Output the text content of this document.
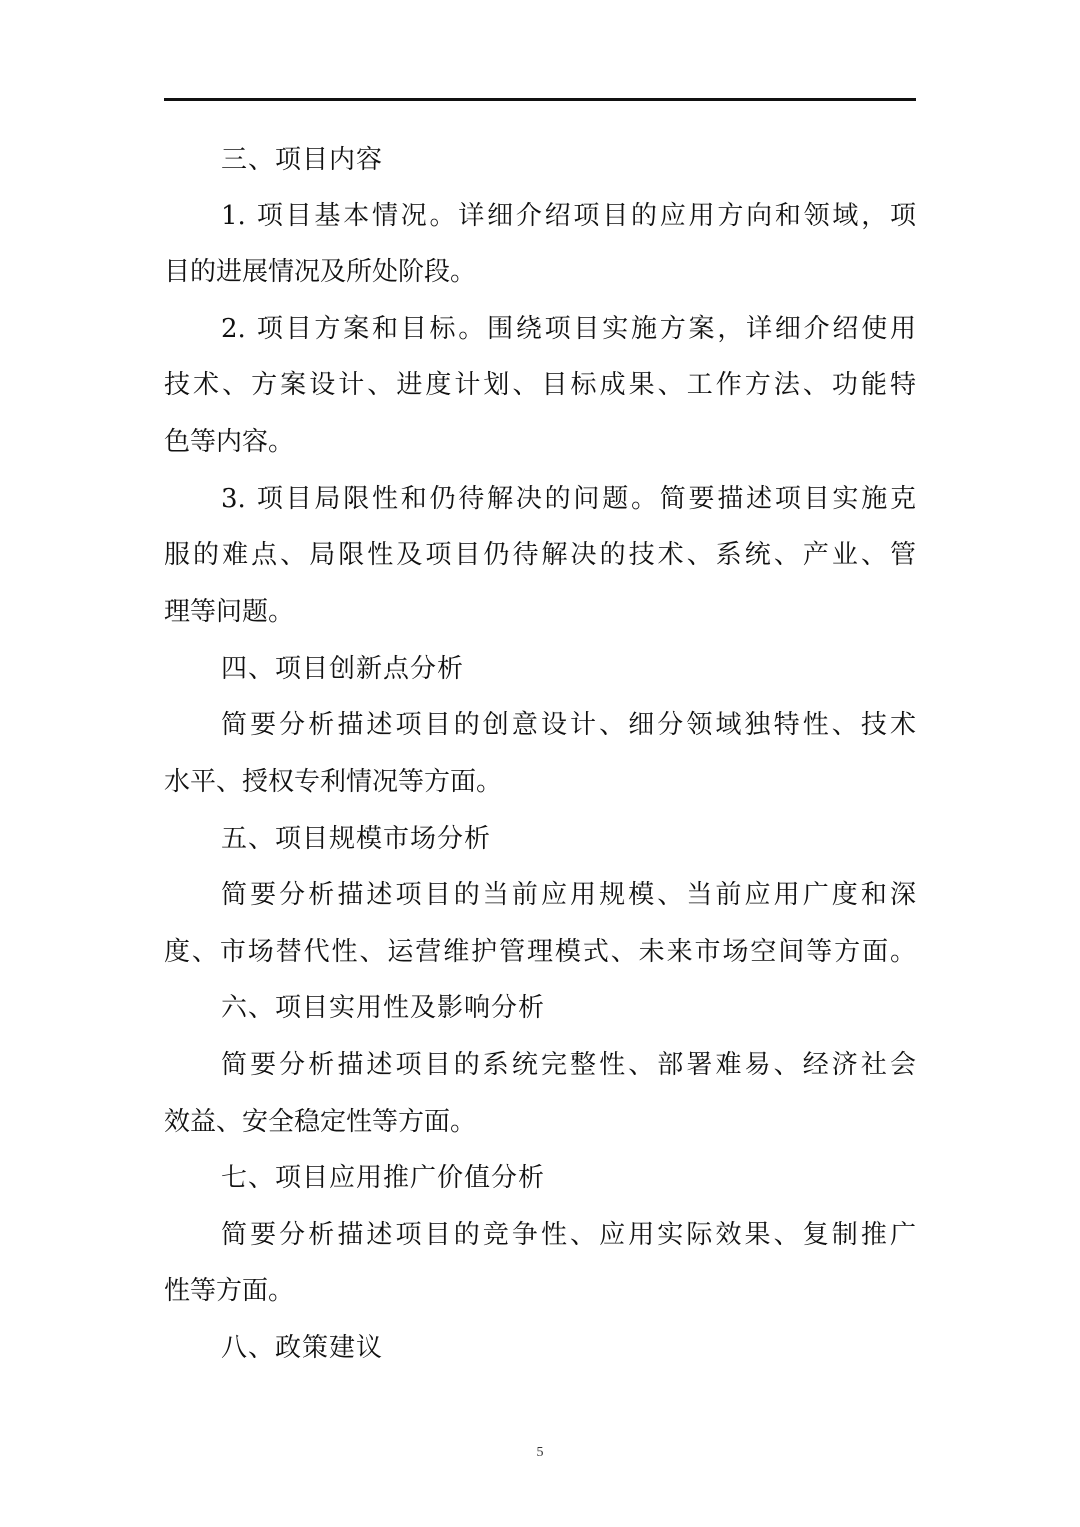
三、项目内容
1. 项目基本情况。详细介绍项目的应用方向和领域，项
目的进展情况及所处阶段。
2. 项目方案和目标。围绕项目实施方案，详细介绍使用
技术、方案设计、进度计划、目标成果、工作方法、功能特
色等内容。
3. 项目局限性和仍待解决的问题。简要描述项目实施克
服的难点、局限性及项目仍待解决的技术、系统、产业、管
理等问题。
四、项目创新点分析
简要分析描述项目的创意设计、细分领域独特性、技术
水平、授权专利情况等方面。
五、项目规模市场分析
简要分析描述项目的当前应用规模、当前应用广度和深
度、市场替代性、运营维护管理模式、未来市场空间等方面。
六、项目实用性及影响分析
简要分析描述项目的系统完整性、部署难易、经济社会
效益、安全稳定性等方面。
七、项目应用推广价值分析
简要分析描述项目的竞争性、应用实际效果、复制推广
性等方面。
八、政策建议
5
